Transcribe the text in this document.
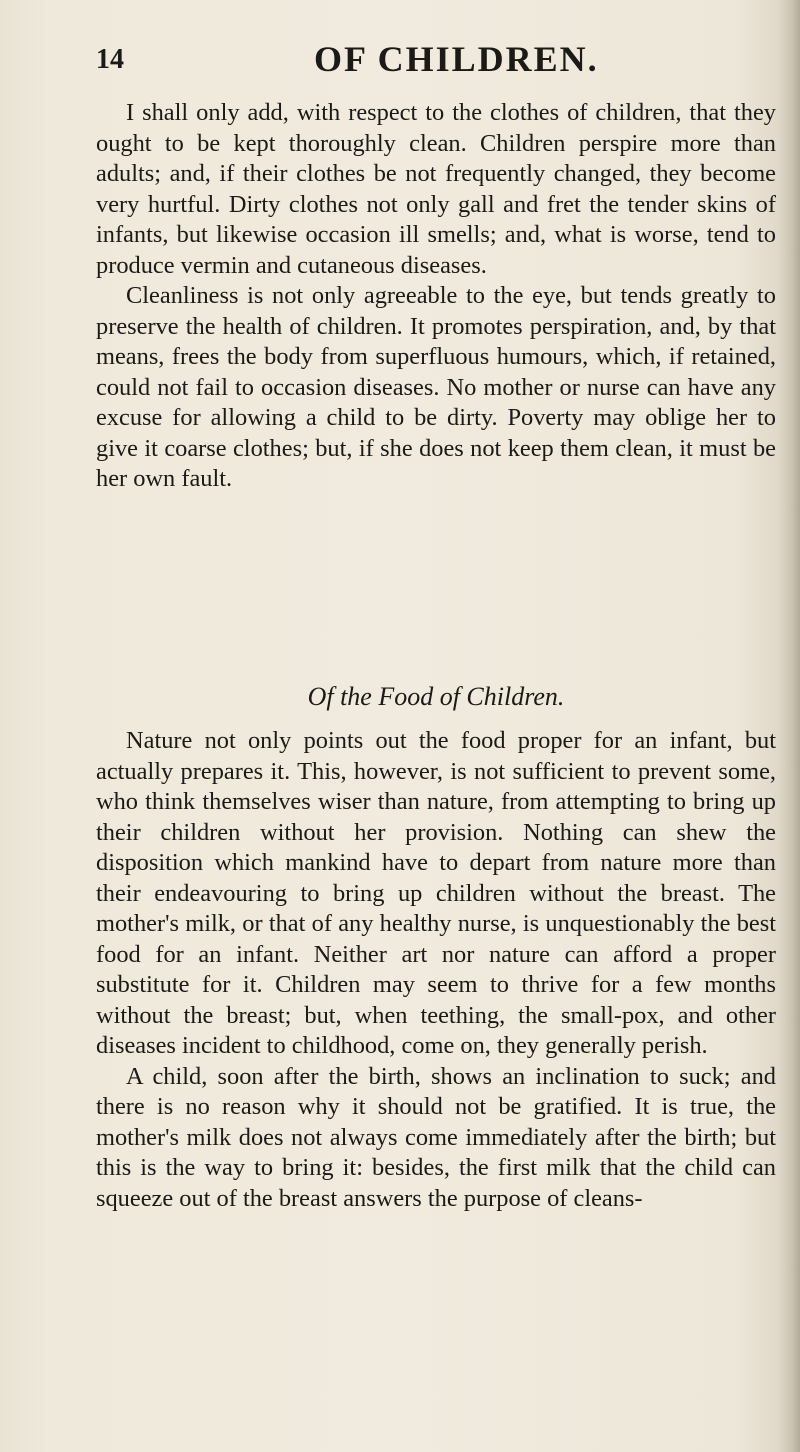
14	OF CHILDREN.

I shall only add, with respect to the clothes of children, that they ought to be kept thoroughly clean. Children perspire more than adults; and, if their clothes be not frequently changed, they become very hurtful. Dirty clothes not only gall and fret the tender skins of infants, but likewise occasion ill smells; and, what is worse, tend to produce vermin and cutaneous diseases.

Cleanliness is not only agreeable to the eye, but tends greatly to preserve the health of children. It promotes perspiration, and, by that means, frees the body from superfluous humours, which, if retained, could not fail to occasion diseases. No mother or nurse can have any excuse for allowing a child to be dirty. Poverty may oblige her to give it coarse clothes; but, if she does not keep them clean, it must be her own fault.

Of the Food of Children.

Nature not only points out the food proper for an infant, but actually prepares it. This, however, is not sufficient to prevent some, who think themselves wiser than nature, from attempting to bring up their children without her provision. Nothing can shew the disposition which mankind have to depart from nature more than their endeavouring to bring up children without the breast. The mother's milk, or that of any healthy nurse, is unquestionably the best food for an infant. Neither art nor nature can afford a proper substitute for it. Children may seem to thrive for a few months without the breast; but, when teething, the small-pox, and other diseases incident to childhood, come on, they generally perish.

A child, soon after the birth, shows an inclination to suck; and there is no reason why it should not be gratified. It is true, the mother's milk does not always come immediately after the birth; but this is the way to bring it: besides, the first milk that the child can squeeze out of the breast answers the purpose of cleans-
